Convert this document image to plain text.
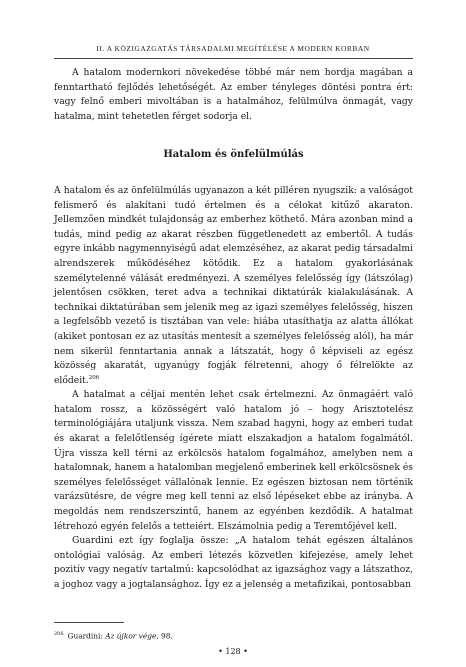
II. A KÖZIGAZGATÁS TÁRSADALMI MEGÍTÉLÉSE A MODERN KORBAN

A hatalom modernkori növekedése többé már nem hordja magában a fenntartható fejlődés lehetőségét. Az ember tényleges döntési pontra ért: vagy felnő emberi mivoltában is a hatalmához, felülmúlva önmagát, vagy hatalma, mint tehetetlen férget sodorja el.

Hatalom és önfelülmúlás

A hatalom és az önfelülmúlás ugyanazon a két pilléren nyugszik: a valóságot felismerő és alakítani tudó értelmen és a célokat kitűző akaraton. Jellemzően mindkét tulajdonság az emberhez köthető. Mára azonban mind a tudás, mind pedig az akarat részben függetlenedett az embertől. A tudás egyre inkább nagymennyiségű adat elemzéséhez, az akarat pedig társadalmi alrendszerek működéséhez kötődik. Ez a hatalom gyakorlásának személytelenné válását eredményezi. A személyes felelősség így (látszólag) jelentősen csökken, teret adva a technikai diktatúrák kialakulásának. A technikai diktatúrában sem jelenik meg az igazi személyes felelősség, hiszen a legfelsőbb vezető is tisztában van vele: hiába utasíthatja az alatta állókat (akiket pontosan ez az utasítás mentesít a személyes felelősség alól), ha már nem sikerül fenntartania annak a látszatát, hogy ő képviseli az egész közösség akaratát, ugyanúgy fogják félretenni, ahogy ő félrelökte az elődeit.$^{206}$

A hatalmat a céljai mentén lehet csak értelmezni. Az önmagáért való hatalom rossz, a közösségért való hatalom jó – hogy Arisztotelész terminológiájára utaljunk vissza. Nem szabad hagyni, hogy az emberi tudat és akarat a felelőtlenség ígérete miatt elszakadjon a hatalom fogalmától. Újra vissza kell térni az erkölcsös hatalom fogalmához, amelyben nem a hatalomnak, hanem a hatalomban megjelenő emberinek kell erkölcsösnek és személyes felelősséget vállalónak lennie. Ez egészen biztosan nem történik varázsütésre, de végre meg kell tenni az első lépéseket ebbe az irányba. A megoldás nem rendszerszintű, hanem az egyénben kezdődik. A hatalmat létrehozó egyén felelős a tetteiért. Elszámolnia pedig a Teremtőjével kell.

Guardini ezt így foglalja össze: „A hatalom tehát egészen általános ontológiai valóság. Az emberi létezés közvetlen kifejezése, amely lehet pozitív vagy negatív tartalmú: kapcsolódhat az igazsághoz vagy a látszathoz, a joghoz vagy a jogtalansághoz. Így ez a jelenség a metafizikai, pontosabban

$^{206}$ Guardini: Az újkor vége, 98.
• 128 •
